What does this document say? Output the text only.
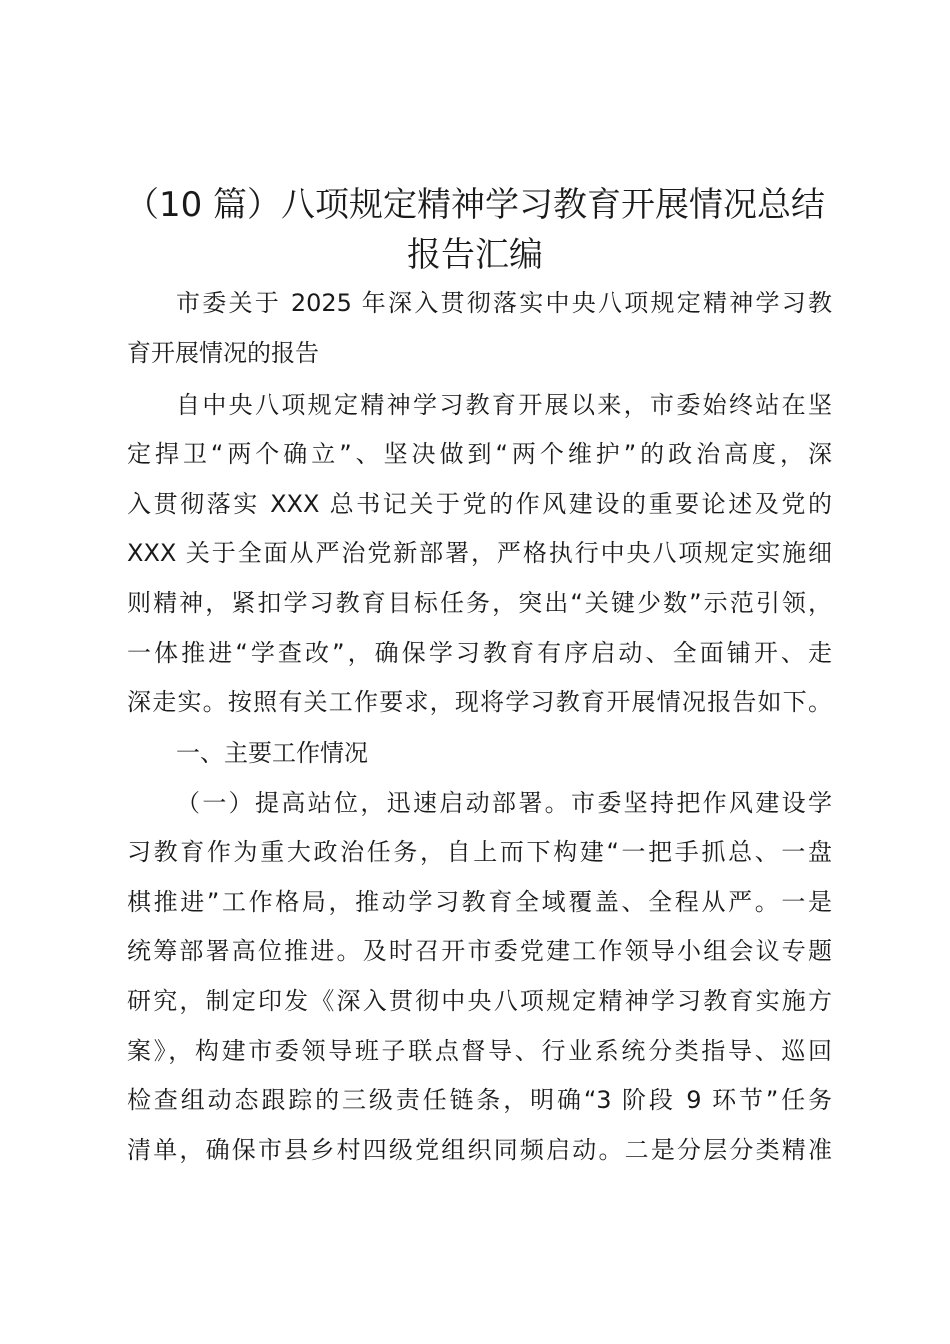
（10 篇）八项规定精神学习教育开展情况总结
报告汇编

市委关于 2025 年深入贯彻落实中央八项规定精神学习教

育开展情况的报告

自中央八项规定精神学习教育开展以来，市委始终站在坚

定捍卫“两个确立”、坚决做到“两个维护”的政治高度，深

入贯彻落实 XXX 总书记关于党的作风建设的重要论述及党的

XXX 关于全面从严治党新部署，严格执行中央八项规定实施细

则精神，紧扣学习教育目标任务，突出“关键少数”示范引领，

一体推进“学查改”，确保学习教育有序启动、全面铺开、走

深走实。按照有关工作要求，现将学习教育开展情况报告如下。

一、主要工作情况

（一）提高站位，迅速启动部署。市委坚持把作风建设学

习教育作为重大政治任务，自上而下构建“一把手抓总、一盘

棋推进”工作格局，推动学习教育全域覆盖、全程从严。一是

统筹部署高位推进。及时召开市委党建工作领导小组会议专题

研究，制定印发《深入贯彻中央八项规定精神学习教育实施方

案》，构建市委领导班子联点督导、行业系统分类指导、巡回

检查组动态跟踪的三级责任链条，明确“3 阶段 9 环节”任务

清单，确保市县乡村四级党组织同频启动。二是分层分类精准
